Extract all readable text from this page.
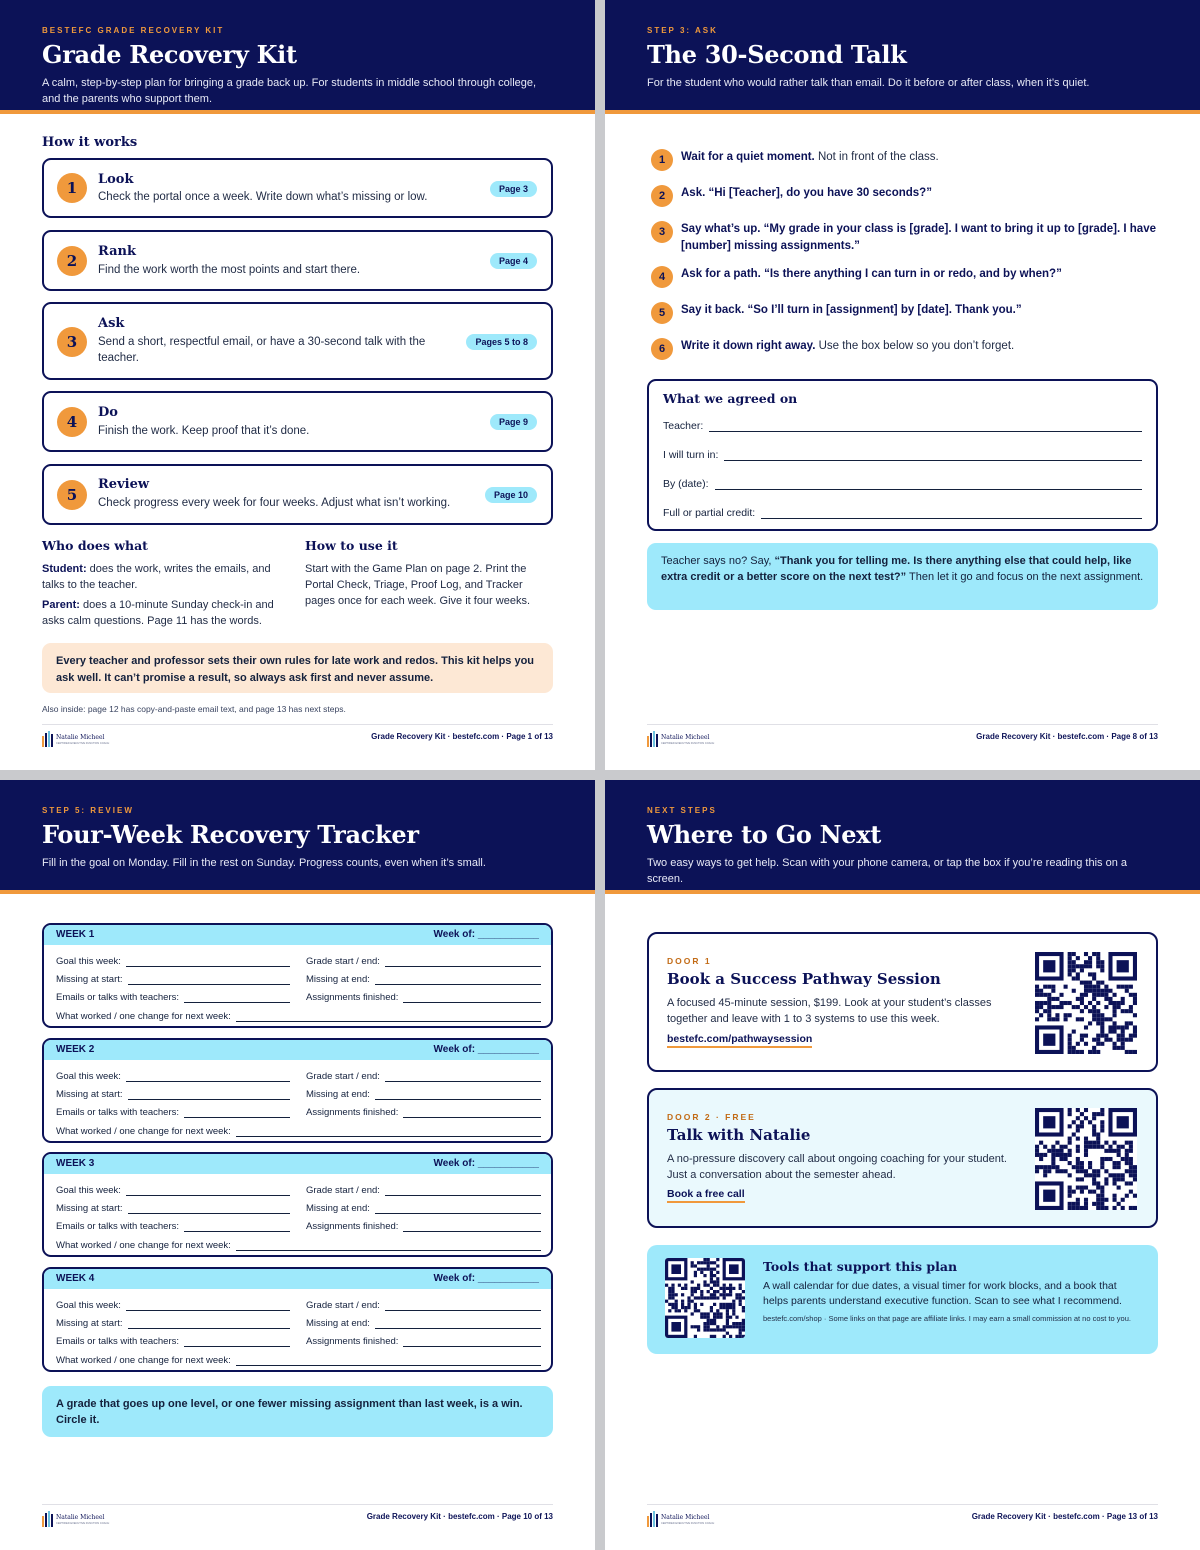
BESTEFC GRADE RECOVERY KIT
Grade Recovery Kit
A calm, step-by-step plan for bringing a grade back up. For students in middle school through college, and the parents who support them.
How it works
1	Look
Check the portal once a week. Write down what’s missing or low.
Page 3
2
Rank
Find the work worth the most points and start there.
Page 4
3
Ask
Send a short, respectful email, or have a 30-second talk with the teacher.
Pages 5 to 8
4
Do
Finish the work. Keep proof that it’s done.
Page 9
5
Review
Check progress every week for four weeks. Adjust what isn’t working.
Page 10
Who does what
Student: does the work, writes the emails, and talks to the teacher.
Parent: does a 10-minute Sunday check-in and asks calm questions. Page 11 has the words.
How to use it
Start with the Game Plan on page 2. Print the Portal Check, Triage, Proof Log, and Tracker pages once for each week. Give it four weeks.
Every teacher and professor sets their own rules for late work and redos. This kit helps you ask well. It can’t promise a result, so always ask first and never assume.
Also inside: page 12 has copy-and-paste email text, and page 13 has next steps.
Natalie Micheel
CERTIFIED EXECUTIVE FUNCTION COACH
Grade Recovery Kit · bestefc.com · Page 1 of 13
STEP 3: ASK
The 30-Second Talk
For the student who would rather talk than email. Do it before or after class, when it’s quiet.
1	Wait for a quiet moment. Not in front of the class.
2	Ask. “Hi [Teacher], do you have 30 seconds?”
3	Say what’s up. “My grade in your class is [grade]. I want to bring it up to [grade]. I have [number] missing assignments.”
4	Ask for a path. “Is there anything I can turn in or redo, and by when?”
5	Say it back. “So I’ll turn in [assignment] by [date]. Thank you.”
6	Write it down right away. Use the box below so you don’t forget.
What we agreed on
Teacher:
I will turn in:
By (date):
Full or partial credit:
Teacher says no? Say, “Thank you for telling me. Is there anything else that could help, like extra credit or a better score on the next test?” Then let it go and focus on the next assignment.
Natalie Micheel
CERTIFIED EXECUTIVE FUNCTION COACH
Grade Recovery Kit · bestefc.com · Page 8 of 13
STEP 5: REVIEW
Four-Week Recovery Tracker
Fill in the goal on Monday. Fill in the rest on Sunday. Progress counts, even when it’s small.
WEEK 1	Week of: ___________
Goal this week:	Grade start / end:
Missing at start:	Missing at end:
Emails or talks with teachers:	Assignments finished:
What worked / one change for next week:
WEEK 2	Week of: ___________
Goal this week:	Grade start / end:
Missing at start:	Missing at end:
Emails or talks with teachers:	Assignments finished:
What worked / one change for next week:
WEEK 3	Week of: ___________
Goal this week:	Grade start / end:
Missing at start:	Missing at end:
Emails or talks with teachers:	Assignments finished:
What worked / one change for next week:
WEEK 4	Week of: ___________
Goal this week:	Grade start / end:
Missing at start:	Missing at end:
Emails or talks with teachers:	Assignments finished:
What worked / one change for next week:
A grade that goes up one level, or one fewer missing assignment than last week, is a win. Circle it.
Natalie Micheel
CERTIFIED EXECUTIVE FUNCTION COACH
Grade Recovery Kit · bestefc.com · Page 10 of 13
NEXT STEPS
Where to Go Next
Two easy ways to get help. Scan with your phone camera, or tap the box if you’re reading this on a screen.
DOOR 1
Book a Success Pathway Session
A focused 45-minute session, $199. Look at your student’s classes together and leave with 1 to 3 systems to use this week.
bestefc.com/pathwaysession
DOOR 2 · FREE
Talk with Natalie
A no-pressure discovery call about ongoing coaching for your student. Just a conversation about the semester ahead.
Book a free call
Tools that support this plan
A wall calendar for due dates, a visual timer for work blocks, and a book that helps parents understand executive function. Scan to see what I recommend.
bestefc.com/shop · Some links on that page are affiliate links. I may earn a small commission at no cost to you.
Natalie Micheel
CERTIFIED EXECUTIVE FUNCTION COACH
Grade Recovery Kit · bestefc.com · Page 13 of 13
